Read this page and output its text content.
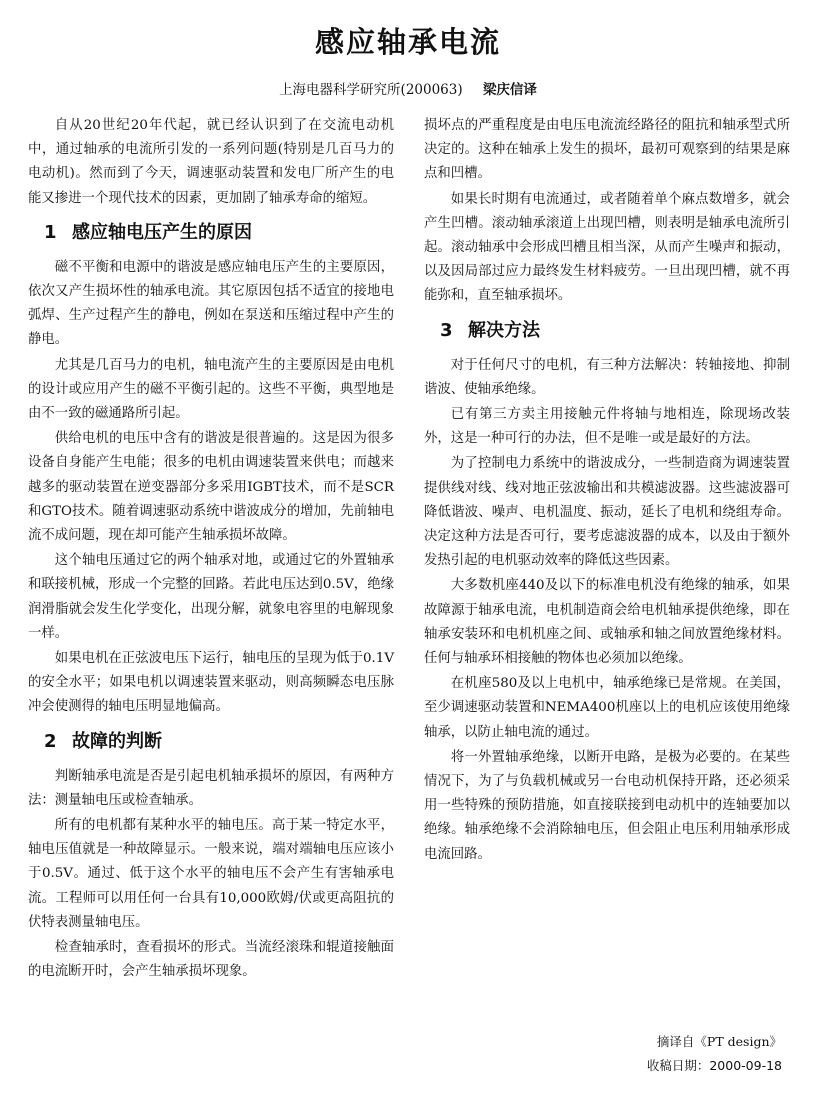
感应轴承电流
上海电器科学研究所(200063) 梁庆信译

自从20世纪20年代起，就已经认识到了在交流电动机中，通过轴承的电流所引发的一系列问题(特别是几百马力的电动机)。然而到了今天，调速驱动装置和发电厂所产生的电能又掺进一个现代技术的因素，更加剧了轴承寿命的缩短。

1 感应轴电压产生的原因

磁不平衡和电源中的谐波是感应轴电压产生的主要原因，依次又产生损坏性的轴承电流。其它原因包括不适宜的接地电弧焊、生产过程产生的静电，例如在泵送和压缩过程中产生的静电。

尤其是几百马力的电机，轴电流产生的主要原因是由电机的设计或应用产生的磁不平衡引起的。这些不平衡，典型地是由不一致的磁通路所引起。

供给电机的电压中含有的谐波是很普遍的。这是因为很多设备自身能产生电能；很多的电机由调速装置来供电；而越来越多的驱动装置在逆变器部分多采用IGBT技术，而不是SCR和GTO技术。随着调速驱动系统中谐波成分的增加，先前轴电流不成问题，现在却可能产生轴承损坏故障。

这个轴电压通过它的两个轴承对地，或通过它的外置轴承和联接机械，形成一个完整的回路。若此电压达到0.5V，绝缘润滑脂就会发生化学变化，出现分解，就象电容里的电解现象一样。

如果电机在正弦波电压下运行，轴电压的呈现为低于0.1V的安全水平；如果电机以调速装置来驱动，则高频瞬态电压脉冲会使测得的轴电压明显地偏高。

2 故障的判断

判断轴承电流是否是引起电机轴承损坏的原因，有两种方法：测量轴电压或检查轴承。

所有的电机都有某种水平的轴电压。高于某一特定水平，轴电压值就是一种故障显示。一般来说，端对端轴电压应该小于0.5V。通过、低于这个水平的轴电压不会产生有害轴承电流。工程师可以用任何一台具有10,000欧姆/伏或更高阻抗的伏特表测量轴电压。

检查轴承时，查看损坏的形式。当流经滚珠和辊道接触面的电流断开时，会产生轴承损坏现象。

损坏点的严重程度是由电压电流流经路径的阻抗和轴承型式所决定的。这种在轴承上发生的损坏，最初可观察到的结果是麻点和凹槽。

如果长时期有电流通过，或者随着单个麻点数增多，就会产生凹槽。滚动轴承滚道上出现凹槽，则表明是轴承电流所引起。滚动轴承中会形成凹槽且相当深，从而产生噪声和振动，以及因局部过应力最终发生材料疲劳。一旦出现凹槽，就不再能弥和，直至轴承损坏。

3 解决方法

对于任何尺寸的电机，有三种方法解决：转轴接地、抑制谐波、使轴承绝缘。

已有第三方卖主用接触元件将轴与地相连，除现场改装外，这是一种可行的办法，但不是唯一或是最好的方法。

为了控制电力系统中的谐波成分，一些制造商为调速装置提供线对线、线对地正弦波输出和共模滤波器。这些滤波器可降低谐波、噪声、电机温度、振动，延长了电机和绕组寿命。决定这种方法是否可行，要考虑滤波器的成本，以及由于额外发热引起的电机驱动效率的降低这些因素。

大多数机座440及以下的标准电机没有绝缘的轴承，如果故障源于轴承电流，电机制造商会给电机轴承提供绝缘，即在轴承安装环和电机机座之间、或轴承和轴之间放置绝缘材料。任何与轴承环相接触的物体也必须加以绝缘。

在机座580及以上电机中，轴承绝缘已是常规。在美国，至少调速驱动装置和NEMA400机座以上的电机应该使用绝缘轴承，以防止轴电流的通过。

将一外置轴承绝缘，以断开电路，是极为必要的。在某些情况下，为了与负载机械或另一台电动机保持开路，还必须采用一些特殊的预防措施，如直接联接到电动机中的连轴要加以绝缘。轴承绝缘不会消除轴电压，但会阻止电压利用轴承形成电流回路。

摘译自《PT design》
收稿日期：2000-09-18
